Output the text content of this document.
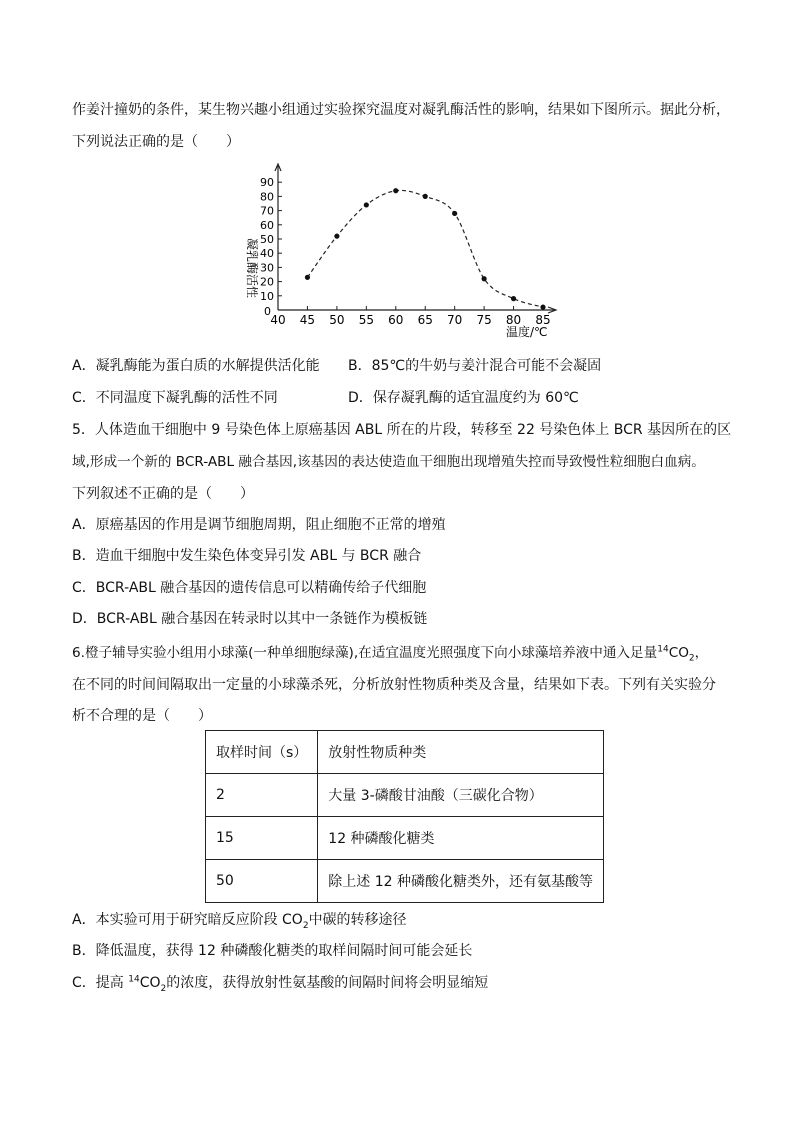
作姜汁撞奶的条件，某生物兴趣小组通过实验探究温度对凝乳酶活性的影响，结果如下图所示。据此分析，
下列说法正确的是（　　）
10
20
30
40
50
60
70
80
90
40 45 50 55 60 65 70 75 80 85
凝乳酶活性
温度/℃
0
A．凝乳酶能为蛋白质的水解提供活化能 B．85℃的牛奶与姜汁混合可能不会凝固
C．不同温度下凝乳酶的活性不同	D．保存凝乳酶的适宜温度约为 60℃
5．人体造血干细胞中 9 号染色体上原癌基因 ABL 所在的片段，转移至 22 号染色体上 BCR 基因所在的区
域,形成一个新的 BCR-ABL 融合基因,该基因的表达使造血干细胞出现增殖失控而导致慢性粒细胞白血病。
下列叙述不正确的是（　　）
A．原癌基因的作用是调节细胞周期，阻止细胞不正常的增殖
B．造血干细胞中发生染色体变异引发 ABL 与 BCR 融合
C．BCR-ABL 融合基因的遗传信息可以精确传给子代细胞
D．BCR-ABL 融合基因在转录时以其中一条链作为模板链
6.橙子辅导实验小组用小球藻(一种单细胞绿藻),在适宜温度光照强度下向小球藻培养液中通入足量$^{14}CO_2$，
在不同的时间间隔取出一定量的小球藻杀死，分析放射性物质种类及含量，结果如下表。下列有关实验分
析不合理的是（　　）
取样时间（s）	放射性物质种类
2	大量 3-磷酸甘油酸（三碳化合物）
15	12 种磷酸化糖类
50	除上述 12 种磷酸化糖类外，还有氨基酸等
A．本实验可用于研究暗反应阶段 $CO_2$中碳的转移途径
B．降低温度，获得 12 种磷酸化糖类的取样间隔时间可能会延长
C．提高 $^{14}CO_2$的浓度，获得放射性氨基酸的间隔时间将会明显缩短
